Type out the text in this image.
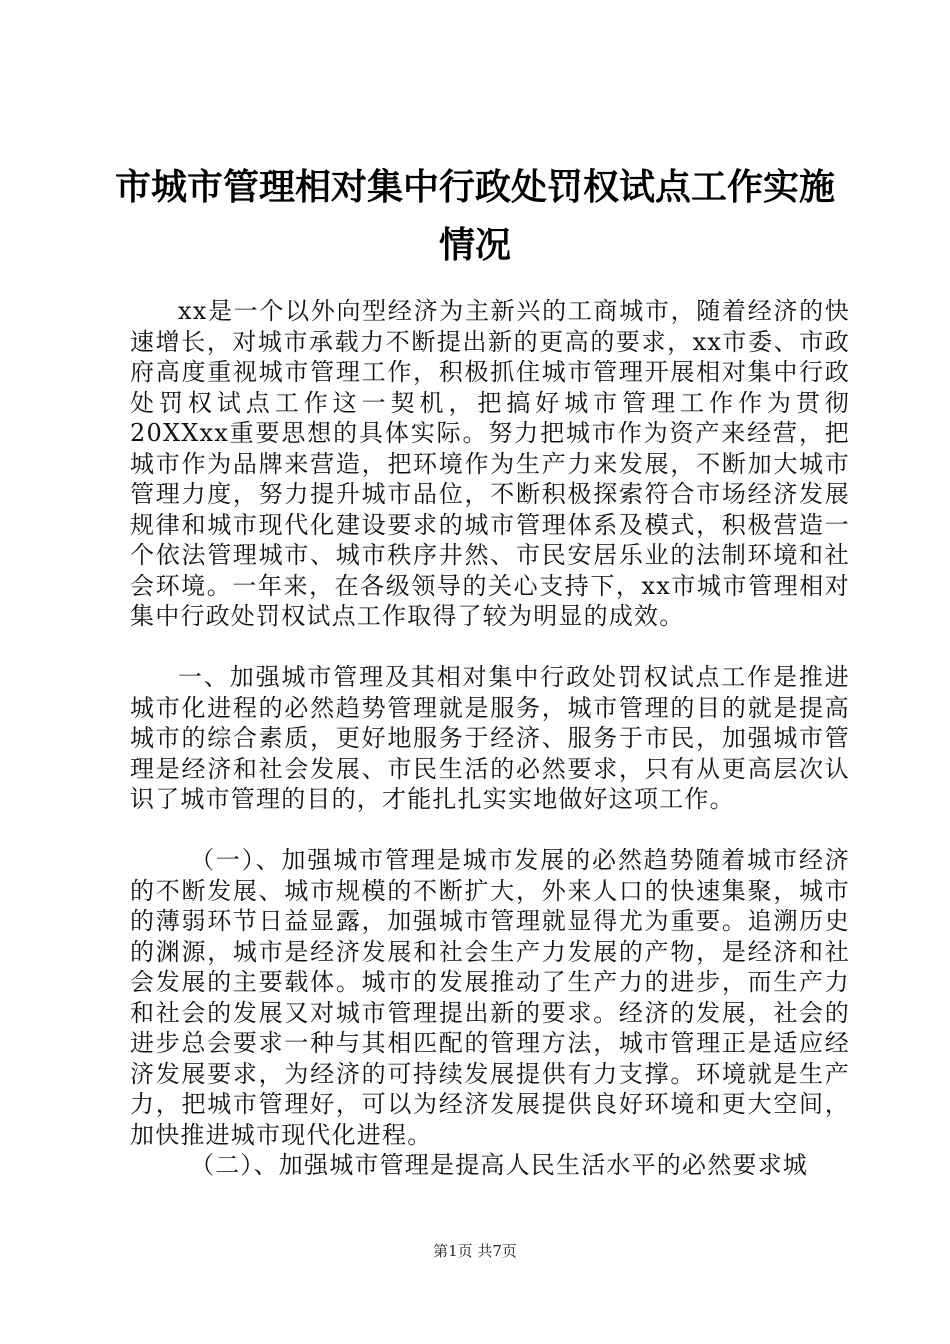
市城市管理相对集中行政处罚权试点工作实施情况

xx是一个以外向型经济为主新兴的工商城市，随着经济的快速增长，对城市承载力不断提出新的更高的要求，xx市委、市政府高度重视城市管理工作，积极抓住城市管理开展相对集中行政处罚权试点工作这一契机，把搞好城市管理工作作为贯彻20XXxx重要思想的具体实际。努力把城市作为资产来经营，把城市作为品牌来营造，把环境作为生产力来发展，不断加大城市管理力度，努力提升城市品位，不断积极探索符合市场经济发展规律和城市现代化建设要求的城市管理体系及模式，积极营造一个依法管理城市、城市秩序井然、市民安居乐业的法制环境和社会环境。一年来，在各级领导的关心支持下，xx市城市管理相对集中行政处罚权试点工作取得了较为明显的成效。

一、加强城市管理及其相对集中行政处罚权试点工作是推进城市化进程的必然趋势管理就是服务，城市管理的目的就是提高城市的综合素质，更好地服务于经济、服务于市民，加强城市管理是经济和社会发展、市民生活的必然要求，只有从更高层次认识了城市管理的目的，才能扎扎实实地做好这项工作。

（一）、加强城市管理是城市发展的必然趋势随着城市经济的不断发展、城市规模的不断扩大，外来人口的快速集聚，城市的薄弱环节日益显露，加强城市管理就显得尤为重要。追溯历史的渊源，城市是经济发展和社会生产力发展的产物，是经济和社会发展的主要载体。城市的发展推动了生产力的进步，而生产力和社会的发展又对城市管理提出新的要求。经济的发展，社会的进步总会要求一种与其相匹配的管理方法，城市管理正是适应经济发展要求，为经济的可持续发展提供有力支撑。环境就是生产力，把城市管理好，可以为经济发展提供良好环境和更大空间，加快推进城市现代化进程。

（二）、加强城市管理是提高人民生活水平的必然要求城

第1页 共7页
